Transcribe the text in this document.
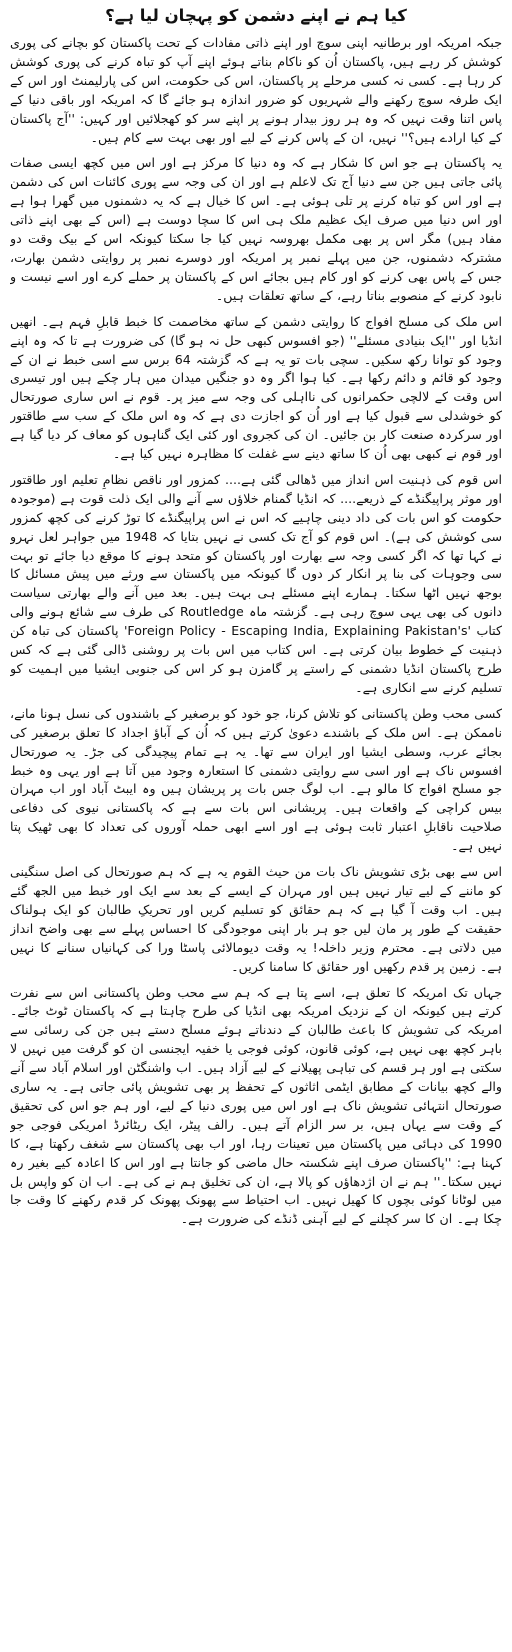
کیا ہم نے اپنے دشمن کو پہچان لیا ہے؟

جبکہ امریکہ اور برطانیہ اپنی سوچ اور اپنے ذاتی مفادات کے تحت پاکستان کو بچانے کی پوری کوشش کر رہے ہیں، پاکستان اُن کو ناکام بناتے ہوئے اپنے آپ کو تباہ کرنے کی پوری کوشش کر رہا ہے۔ کسی نہ کسی مرحلے پر پاکستان، اس کی حکومت، اس کی پارلیمنٹ اور اس کے ایک طرفہ سوچ رکھنے والے شہریوں کو ضرور اندازہ ہو جائے گا کہ امریکہ اور باقی دنیا کے پاس اتنا وقت نہیں کہ وہ ہر روز بیدار ہونے پر اپنے سر کو کھجلائیں اور کہیں: ''آج پاکستان کے کیا ارادے ہیں؟'' نہیں، ان کے پاس کرنے کے لیے اور بھی بہت سے کام ہیں۔

یہ پاکستان ہے جو اس کا شکار ہے کہ وہ دنیا کا مرکز ہے اور اس میں کچھ ایسی صفات پائی جاتی ہیں جن سے دنیا آج تک لاعلم ہے اور ان کی وجہ سے پوری کائنات اس کی دشمن ہے اور اس کو تباہ کرنے پر تلی ہوئی ہے۔ اس کا خیال ہے کہ یہ دشمنوں میں گھرا ہوا ہے اور اس دنیا میں صرف ایک عظیم ملک ہی اس کا سچا دوست ہے (اس کے بھی اپنے ذاتی مفاد ہیں) مگر اس پر بھی مکمل بھروسہ نہیں کیا جا سکتا کیونکہ اس کے بیک وقت دو مشترکہ دشمنوں، جن میں پہلے نمبر پر امریکہ اور دوسرے نمبر پر روایتی دشمن بھارت، جس کے پاس بھی کرنے کو اور کام ہیں بجائے اس کے پاکستان پر حملے کرے اور اسے نیست و نابود کرنے کے منصوبے بناتا رہے، کے ساتھ تعلقات ہیں۔

اس ملک کی مسلح افواج کا روایتی دشمن کے ساتھ مخاصمت کا خبط قابلِ فہم ہے۔ انھیں انڈیا اور ''ایک بنیادی مسئلے'' (جو افسوس کبھی حل نہ ہو گا) کی ضرورت ہے تا کہ وہ اپنے وجود کو توانا رکھ سکیں۔ سچی بات تو یہ ہے کہ گزشتہ 64 برس سے اسی خبط نے ان کے وجود کو قائم و دائم رکھا ہے۔ کیا ہوا اگر وہ دو جنگیں میدان میں ہار چکے ہیں اور تیسری اس وقت کے لالچی حکمرانوں کی نااہلی کی وجہ سے میز پر۔ قوم نے اس ساری صورتحال کو خوشدلی سے قبول کیا ہے اور اُن کو اجازت دی ہے کہ وہ اس ملک کے سب سے طاقتور اور سرکردہ صنعت کار بن جائیں۔ ان کی کجروی اور کئی ایک گناہوں کو معاف کر دیا گیا ہے اور قوم نے کبھی بھی اُن کا ساتھ دینے سے غفلت کا مظاہرہ نہیں کیا ہے۔

اس قوم کی ذہنیت اس انداز میں ڈھالی گئی ہے.... کمزور اور ناقص نظامِ تعلیم اور طاقتور اور موثر پراپیگنڈے کے ذریعے.... کہ انڈیا گمنام خلاؤں سے آنے والی ایک ذلت قوت ہے (موجودہ حکومت کو اس بات کی داد دینی چاہیے کہ اس نے اس پراپیگنڈے کا توڑ کرنے کی کچھ کمزور سی کوشش کی ہے)۔ اس قوم کو آج تک کسی نے نہیں بتایا کہ 1948 میں جواہر لعل نہرو نے کہا تھا کہ اگر کسی وجہ سے بھارت اور پاکستان کو متحد ہونے کا موقع دیا جائے تو بہت سی وجوہات کی بنا پر انکار کر دوں گا کیونکہ میں پاکستان سے ورثے میں پیش مسائل کا بوجھ نہیں اٹھا سکتا۔ ہمارے اپنے مسئلے ہی بہت ہیں۔ بعد میں آنے والے بھارتی سیاست دانوں کی بھی یہی سوچ رہی ہے۔ گزشتہ ماہ Routledge کی طرف سے شائع ہونے والی کتاب 'Foreign Policy - Escaping India, Explaining Pakistan's' پاکستان کی تباہ کن ذہنیت کے خطوط بیان کرتی ہے۔ اس کتاب میں اس بات پر روشنی ڈالی گئی ہے کہ کس طرح پاکستان انڈیا دشمنی کے راستے پر گامزن ہو کر اس کی جنوبی ایشیا میں اہمیت کو تسلیم کرنے سے انکاری ہے۔

کسی محب وطن پاکستانی کو تلاش کرنا، جو خود کو برصغیر کے باشندوں کی نسل ہونا مانے، ناممکن ہے۔ اس ملک کے باشندے دعویٰ کرتے ہیں کہ اُن کے آباؤ اجداد کا تعلق برصغیر کی بجائے عرب، وسطی ایشیا اور ایران سے تھا۔ یہ ہے تمام پیچیدگی کی جڑ۔ یہ صورتحال افسوس ناک ہے اور اسی سے روایتی دشمنی کا استعارہ وجود میں آتا ہے اور یہی وہ خبط جو مسلح افواج کا مالو ہے۔ اب لوگ جس بات پر پریشان ہیں وہ ایبٹ آباد اور اب مہران بیس کراچی کے واقعات ہیں۔ پریشانی اس بات سے ہے کہ پاکستانی نیوی کی دفاعی صلاحیت ناقابلِ اعتبار ثابت ہوئی ہے اور اسے ابھی حملہ آوروں کی تعداد کا بھی ٹھیک پتا نہیں ہے۔

اس سے بھی بڑی تشویش ناک بات من حیث القوم یہ ہے کہ ہم صورتحال کی اصل سنگینی کو ماننے کے لیے تیار نہیں ہیں اور مہران کے ایسے کے بعد سے ایک اور خبط میں الجھ گئے ہیں۔ اب وقت آ گیا ہے کہ ہم حقائق کو تسلیم کریں اور تحریکِ طالبان کو ایک ہولناک حقیقت کے طور پر مان لیں جو ہر بار اپنی موجودگی کا احساس پہلے سے بھی واضح انداز میں دلاتی ہے۔ محترم وزیر داخلہ! یہ وقت دیومالائی پاسٹا ورا کی کہانیاں سنانے کا نہیں ہے۔ زمین پر قدم رکھیں اور حقائق کا سامنا کریں۔

جہاں تک امریکہ کا تعلق ہے، اسے پتا ہے کہ ہم سے محب وطن پاکستانی اس سے نفرت کرتے ہیں کیونکہ ان کے نزدیک امریکہ بھی انڈیا کی طرح چاہتا ہے کہ پاکستان ٹوٹ جائے۔ امریکہ کی تشویش کا باعث طالبان کے دندناتے ہوئے مسلح دستے ہیں جن کی رسائی سے باہر کچھ بھی نہیں ہے، کوئی قانون، کوئی فوجی یا خفیہ ایجنسی ان کو گرفت میں نہیں لا سکتی ہے اور ہر قسم کی تباہی پھیلانے کے لیے آزاد ہیں۔ اب واشنگٹن اور اسلام آباد سے آنے والے کچھ بیانات کے مطابق ایٹمی اثاثوں کے تحفظ پر بھی تشویش پائی جاتی ہے۔ یہ ساری صورتحال انتہائی تشویش ناک ہے اور اس میں پوری دنیا کے لیے، اور ہم جو اس کی تحقیق کے وقت سے یہاں ہیں، بر سر الزام آتے ہیں۔ رالف پیٹر، ایک ریٹائرڈ امریکی فوجی جو 1990 کی دہائی میں پاکستان میں تعینات رہا، اور اب بھی پاکستان سے شغف رکھتا ہے، کا کہنا ہے: ''پاکستان صرف اپنے شکستہ حال ماضی کو جانتا ہے اور اس کا اعادہ کیے بغیر رہ نہیں سکتا۔'' ہم نے ان اژدھاؤں کو پالا ہے، ان کی تخلیق ہم نے کی ہے۔ اب ان کو واپس بل میں لوٹانا کوئی بچوں کا کھیل نہیں۔ اب احتیاط سے پھونک پھونک کر قدم رکھنے کا وقت جا چکا ہے۔ ان کا سر کچلنے کے لیے آہنی ڈنڈے کی ضرورت ہے۔
